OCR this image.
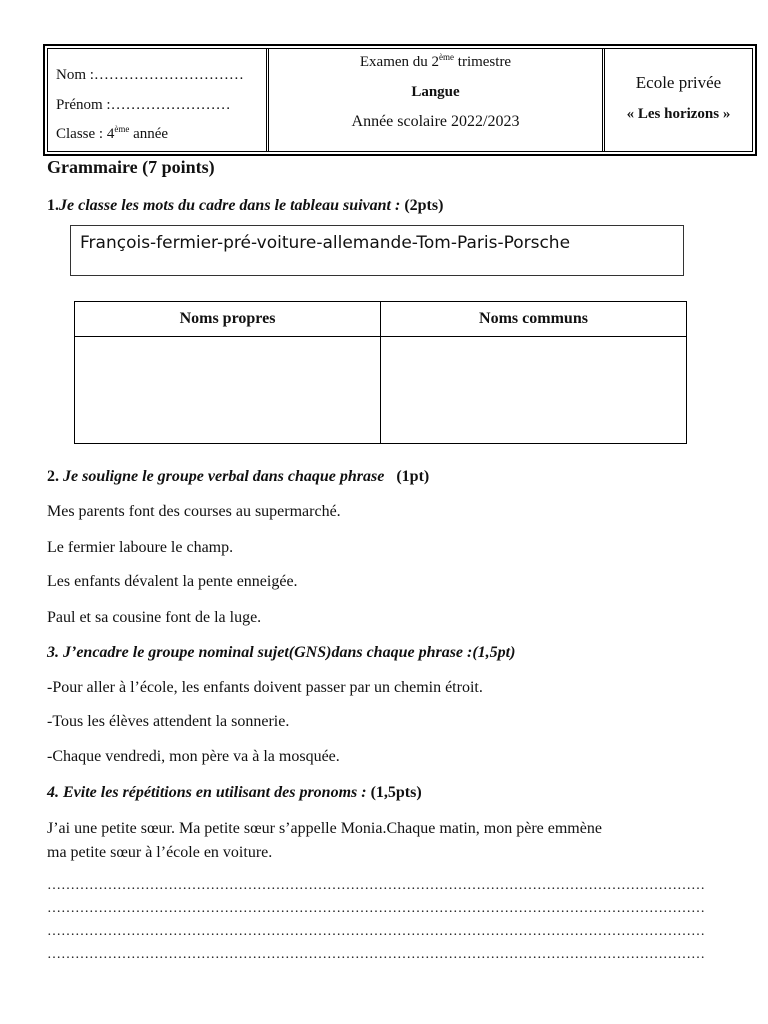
Nom :…………………………
Prénom :……………………
Classe : 4ème année
Examen du 2ème trimestre
Langue
Année scolaire 2022/2023
Ecole privée
« Les horizons »
Grammaire (7 points)
1.Je classe les mots du cadre dans le tableau suivant : (2pts)
François-fermier-pré-voiture-allemande-Tom-Paris-Porsche
Noms propres	Noms communs
2. Je souligne le groupe verbal dans chaque phrase (1pt)
Mes parents font des courses au supermarché.
Le fermier laboure le champ.
Les enfants dévalent la pente enneigée.
Paul et sa cousine font de la luge.
3. J’encadre le groupe nominal sujet(GNS)dans chaque phrase :(1,5pt)
-Pour aller à l’école, les enfants doivent passer par un chemin étroit.
-Tous les élèves attendent la sonnerie.
-Chaque vendredi, mon père va à la mosquée.
4. Evite les répétitions en utilisant des pronoms : (1,5pts)
J’ai une petite sœur. Ma petite sœur s’appelle Monia.Chaque matin, mon père emmène
ma petite sœur à l’école en voiture.
……………………………………………………………………………………………………………………………
……………………………………………………………………………………………………………………………
……………………………………………………………………………………………………………………………
……………………………………………………………………………………………………………………………
